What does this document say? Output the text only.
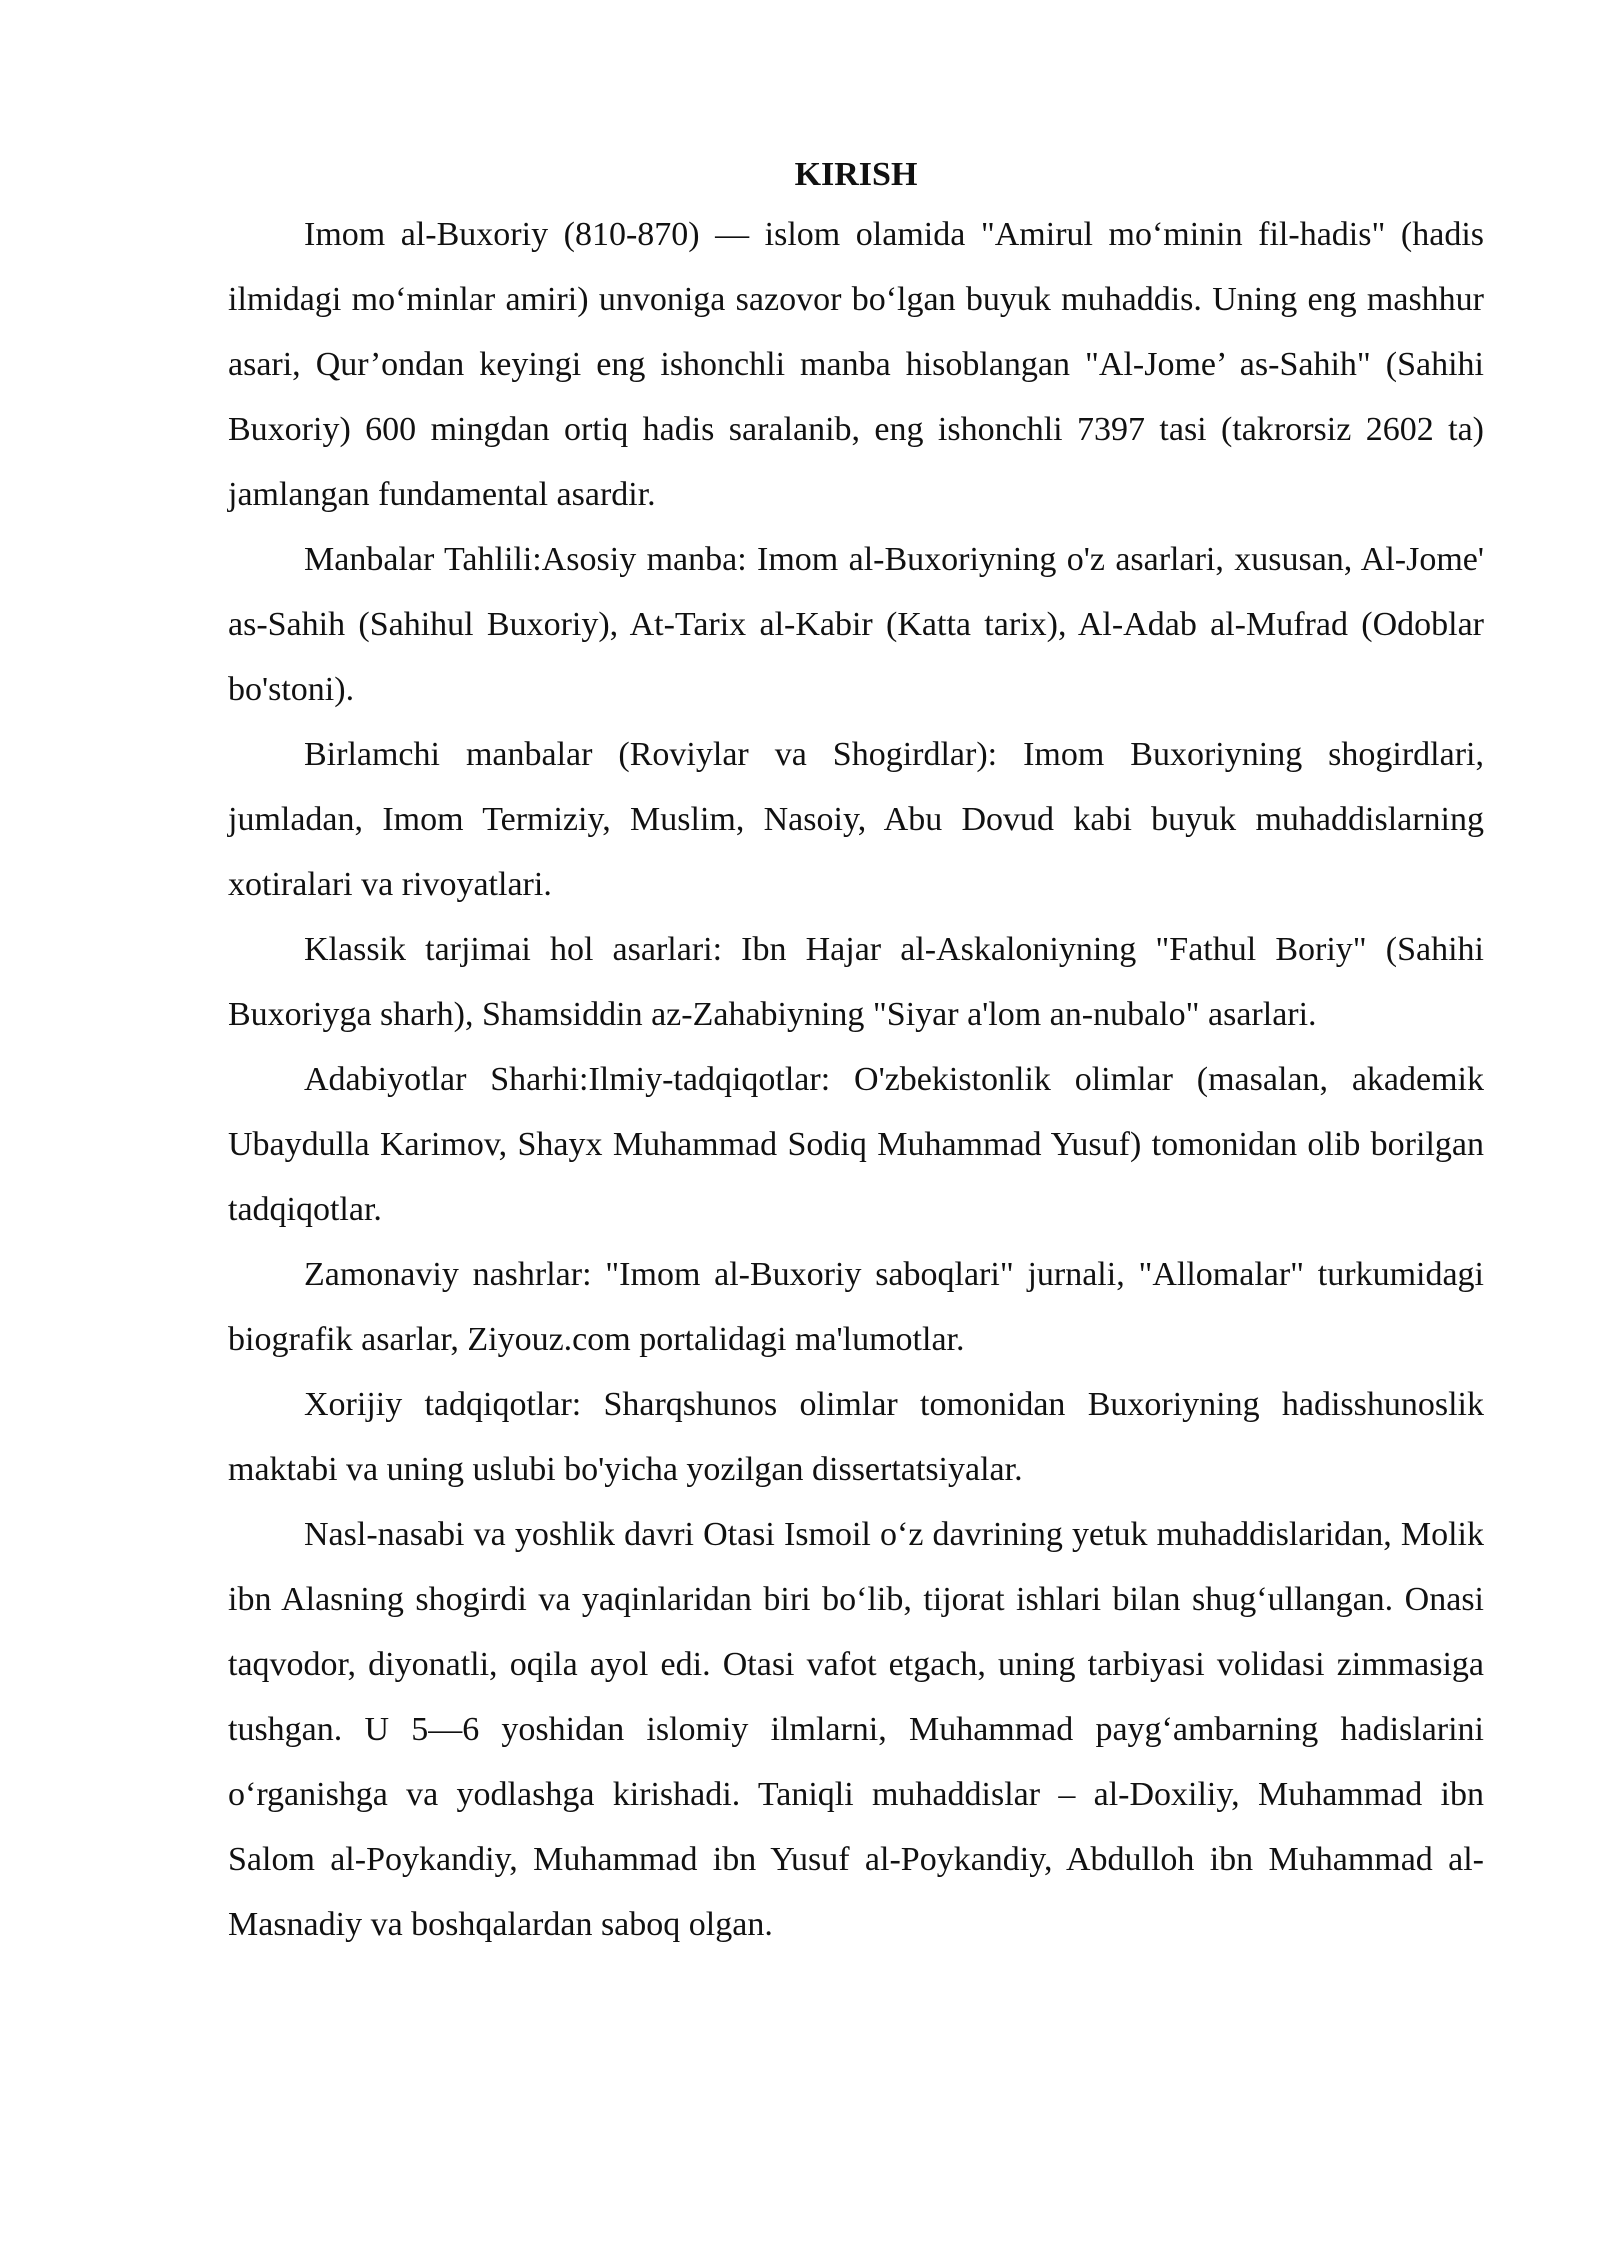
KIRISH

Imom al-Buxoriy (810-870) — islom olamida "Amirul moʻminin fil-hadis" (hadis ilmidagi moʻminlar amiri) unvoniga sazovor boʻlgan buyuk muhaddis. Uning eng mashhur asari, Qur’ondan keyingi eng ishonchli manba hisoblangan "Al-Jome’ as-Sahih" (Sahihi Buxoriy) 600 mingdan ortiq hadis saralanib, eng ishonchli 7397 tasi (takrorsiz 2602 ta) jamlangan fundamental asardir.

Manbalar Tahlili:Asosiy manba: Imom al-Buxoriyning o'z asarlari, xususan, Al-Jome' as-Sahih (Sahihul Buxoriy), At-Tarix al-Kabir (Katta tarix), Al-Adab al-Mufrad (Odoblar bo'stoni).

Birlamchi manbalar (Roviylar va Shogirdlar): Imom Buxoriyning shogirdlari, jumladan, Imom Termiziy, Muslim, Nasoiy, Abu Dovud kabi buyuk muhaddislarning xotiralari va rivoyatlari.

Klassik tarjimai hol asarlari: Ibn Hajar al-Askaloniyning "Fathul Boriy" (Sahihi Buxoriyga sharh), Shamsiddin az-Zahabiyning "Siyar a'lom an-nubalo" asarlari.

Adabiyotlar Sharhi:Ilmiy-tadqiqotlar: O'zbekistonlik olimlar (masalan, akademik Ubaydulla Karimov, Shayx Muhammad Sodiq Muhammad Yusuf) tomonidan olib borilgan tadqiqotlar.

Zamonaviy nashrlar: "Imom al-Buxoriy saboqlari" jurnali, "Allomalar" turkumidagi biografik asarlar, Ziyouz.com portalidagi ma'lumotlar.

Xorijiy tadqiqotlar: Sharqshunos olimlar tomonidan Buxoriyning hadisshunoslik maktabi va uning uslubi bo'yicha yozilgan dissertatsiyalar.

Nasl-nasabi va yoshlik davri Otasi Ismoil oʻz davrining yetuk muhaddislaridan, Molik ibn Alasning shogirdi va yaqinlaridan biri boʻlib, tijorat ishlari bilan shugʻullangan. Onasi taqvodor, diyonatli, oqila ayol edi. Otasi vafot etgach, uning tarbiyasi volidasi zimmasiga tushgan. U 5—6 yoshidan islomiy ilmlarni, Muhammad paygʻambarning hadislarini oʻrganishga va yodlashga kirishadi. Taniqli muhaddislar – al-Doxiliy, Muhammad ibn Salom al-Poykandiy, Muhammad ibn Yusuf al-Poykandiy, Abdulloh ibn Muhammad al-Masnadiy va boshqalardan saboq olgan.
